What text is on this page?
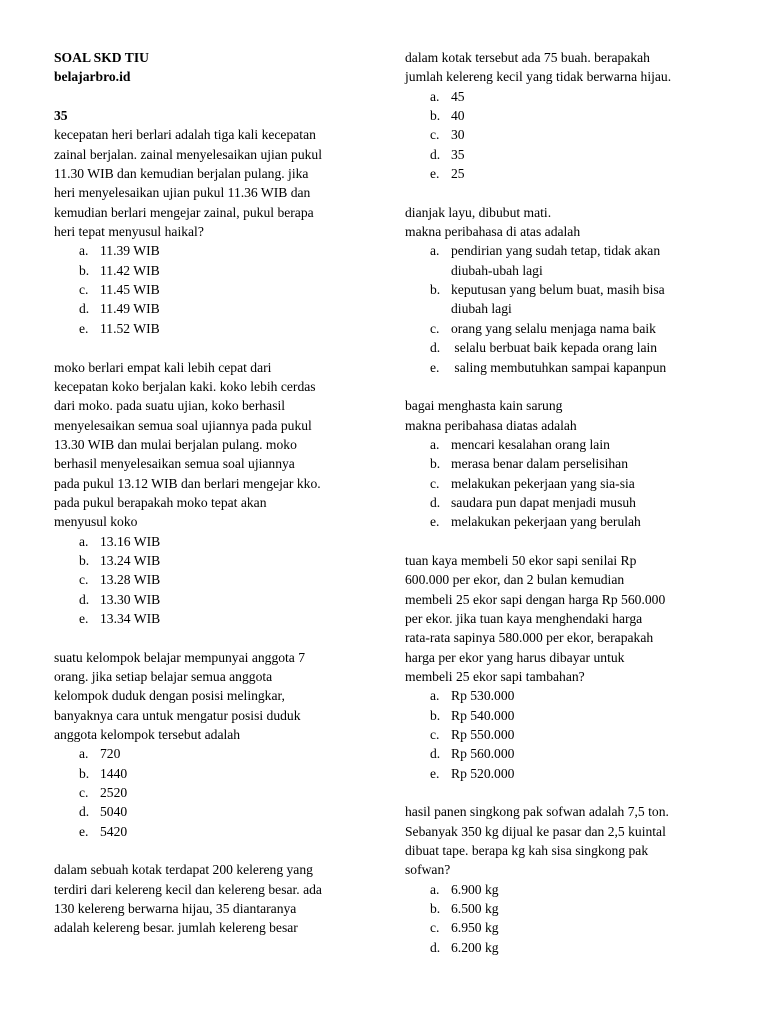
SOAL SKD TIU
belajarbro.id
35
kecepatan heri berlari adalah tiga kali kecepatan
zainal berjalan. zainal menyelesaikan ujian pukul
11.30 WIB dan kemudian berjalan pulang. jika
heri menyelesaikan ujian pukul 11.36 WIB dan
kemudian berlari mengejar zainal, pukul berapa
heri tepat menyusul haikal?
a. 11.39 WIB
b. 11.42 WIB
c. 11.45 WIB
d. 11.49 WIB
e. 11.52 WIB
moko berlari empat kali lebih cepat dari
kecepatan koko berjalan kaki. koko lebih cerdas
dari moko. pada suatu ujian, koko berhasil
menyelesaikan semua soal ujiannya pada pukul
13.30 WIB dan mulai berjalan pulang. moko
berhasil menyelesaikan semua soal ujiannya
pada pukul 13.12 WIB dan berlari mengejar kko.
pada pukul berapakah moko tepat akan
menyusul koko
a. 13.16 WIB
b. 13.24 WIB
c. 13.28 WIB
d. 13.30 WIB
e. 13.34 WIB
suatu kelompok belajar mempunyai anggota 7
orang. jika setiap belajar semua anggota
kelompok duduk dengan posisi melingkar,
banyaknya cara untuk mengatur posisi duduk
anggota kelompok tersebut adalah
a. 720
b. 1440
c. 2520
d. 5040
e. 5420
dalam sebuah kotak terdapat 200 kelereng yang
terdiri dari kelereng kecil dan kelereng besar. ada
130 kelereng berwarna hijau, 35 diantaranya
adalah kelereng besar. jumlah kelereng besar
dalam kotak tersebut ada 75 buah. berapakah
jumlah kelereng kecil yang tidak berwarna hijau.
a. 45
b. 40
c. 30
d. 35
e. 25
dianjak layu, dibubut mati.
makna peribahasa di atas adalah
a. pendirian yang sudah tetap, tidak akan
diubah-ubah lagi
b. keputusan yang belum buat, masih bisa
diubah lagi
c. orang yang selalu menjaga nama baik
d. selalu berbuat baik kepada orang lain
e. saling membutuhkan sampai kapanpun
bagai menghasta kain sarung
makna peribahasa diatas adalah
a. mencari kesalahan orang lain
b. merasa benar dalam perselisihan
c. melakukan pekerjaan yang sia-sia
d. saudara pun dapat menjadi musuh
e. melakukan pekerjaan yang berulah
tuan kaya membeli 50 ekor sapi senilai Rp
600.000 per ekor, dan 2 bulan kemudian
membeli 25 ekor sapi dengan harga Rp 560.000
per ekor. jika tuan kaya menghendaki harga
rata-rata sapinya 580.000 per ekor, berapakah
harga per ekor yang harus dibayar untuk
membeli 25 ekor sapi tambahan?
a. Rp 530.000
b. Rp 540.000
c. Rp 550.000
d. Rp 560.000
e. Rp 520.000
hasil panen singkong pak sofwan adalah 7,5 ton.
Sebanyak 350 kg dijual ke pasar dan 2,5 kuintal
dibuat tape. berapa kg kah sisa singkong pak
sofwan?
a. 6.900 kg
b. 6.500 kg
c. 6.950 kg
d. 6.200 kg
